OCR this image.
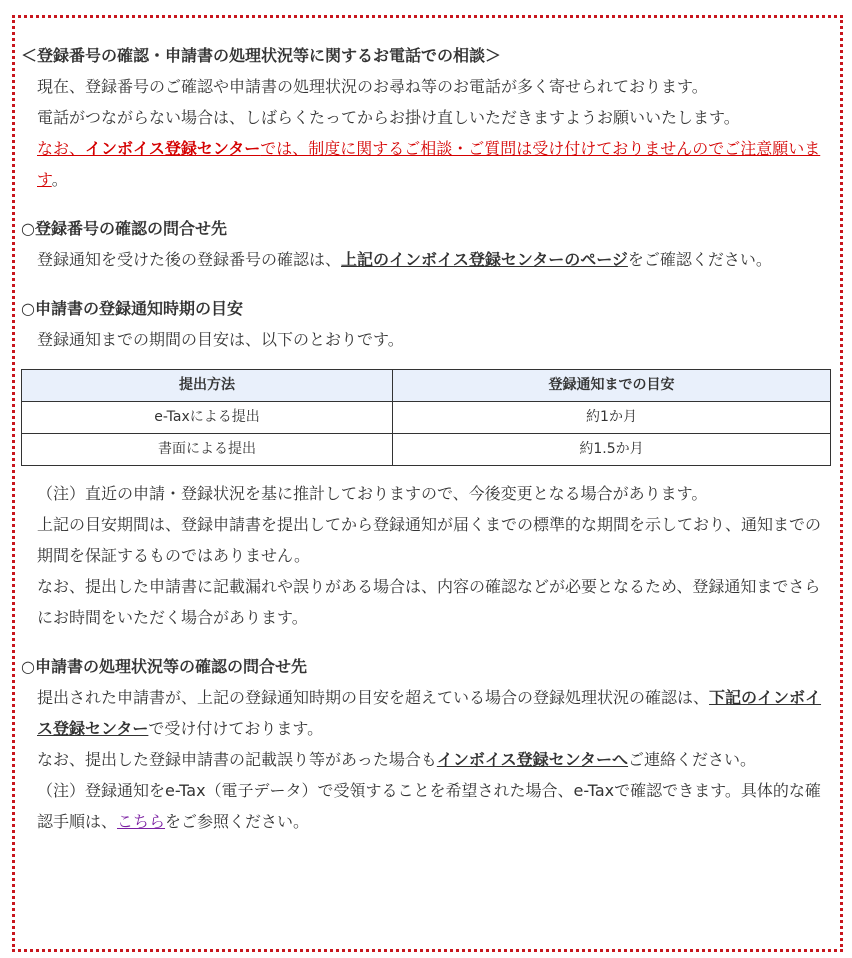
＜登録番号の確認・申請書の処理状況等に関するお電話での相談＞

現在、登録番号のご確認や申請書の処理状況のお尋ね等のお電話が多く寄せられております。

電話がつながらない場合は、しばらくたってからお掛け直しいただきますようお願いいたします。

なお、インボイス登録センターでは、制度に関するご相談・ご質問は受け付けておりませんのでご注意願います。

○登録番号の確認の問合せ先

登録通知を受けた後の登録番号の確認は、上記のインボイス登録センターのページをご確認ください。

○申請書の登録通知時期の目安

登録通知までの期間の目安は、以下のとおりです。

提出方法	登録通知までの目安
e-Taxによる提出	約1か月
書面による提出	約1.5か月

（注）直近の申請・登録状況を基に推計しておりますので、今後変更となる場合があります。

上記の目安期間は、登録申請書を提出してから登録通知が届くまでの標準的な期間を示しており、通知までの期間を保証するものではありません。

なお、提出した申請書に記載漏れや誤りがある場合は、内容の確認などが必要となるため、登録通知までさらにお時間をいただく場合があります。

○申請書の処理状況等の確認の問合せ先

提出された申請書が、上記の登録通知時期の目安を超えている場合の登録処理状況の確認は、下記のインボイス登録センターで受け付けております。

なお、提出した登録申請書の記載誤り等があった場合もインボイス登録センターへご連絡ください。

（注）登録通知をe-Tax（電子データ）で受領することを希望された場合、e-Taxで確認できます。具体的な確認手順は、こちらをご参照ください。
